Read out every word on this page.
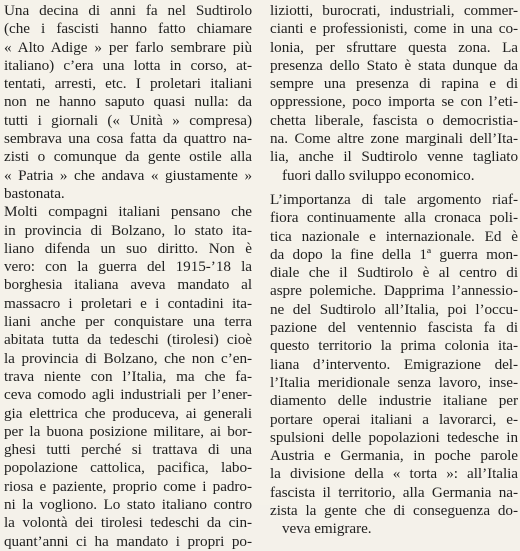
Una decina di anni fa nel Sudtirolo
(che i fascisti hanno fatto chiamare
« Alto Adige » per farlo sembrare più
italiano) c’era una lotta in corso, at-
tentati, arresti, etc. I proletari italiani
non ne hanno saputo quasi nulla: da
tutti i giornali (« Unità » compresa)
sembrava una cosa fatta da quattro na-
zisti o comunque da gente ostile alla
« Patria » che andava « giustamente »
bastonata.
Molti compagni italiani pensano che
in provincia di Bolzano, lo stato ita-
liano difenda un suo diritto. Non è
vero: con la guerra del 1915-’18 la
borghesia italiana aveva mandato al
massacro i proletari e i contadini ita-
liani anche per conquistare una terra
abitata tutta da tedeschi (tirolesi) cioè
la provincia di Bolzano, che non c’en-
trava niente con l’Italia, ma che fa-
ceva comodo agli industriali per l’ener-
gia elettrica che produceva, ai generali
per la buona posizione militare, ai bor-
ghesi tutti perché si trattava di una
popolazione cattolica, pacifica, labo-
riosa e paziente, proprio come i padro-
ni la vogliono. Lo stato italiano contro
la volontà dei tirolesi tedeschi da cin-
quant’anni ci ha mandato i propri po-
liziotti, burocrati, industriali, commer-
cianti e professionisti, come in una co-
lonia, per sfruttare questa zona. La
presenza dello Stato è stata dunque da
sempre una presenza di rapina e di
oppressione, poco importa se con l’eti-
chetta liberale, fascista o democristia-
na. Come altre zone marginali dell’Ita-
lia, anche il Sudtirolo venne tagliato
fuori dallo sviluppo economico.
L’importanza di tale argomento riaf-
fiora continuamente alla cronaca poli-
tica nazionale e internazionale. Ed è
da dopo la fine della 1ª guerra mon-
diale che il Sudtirolo è al centro di
aspre polemiche. Dapprima l’annessio-
ne del Sudtirolo all’Italia, poi l’occu-
pazione del ventennio fascista fa di
questo territorio la prima colonia ita-
liana d’intervento. Emigrazione del-
l’Italia meridionale senza lavoro, inse-
diamento delle industrie italiane per
portare operai italiani a lavorarci, e-
spulsioni delle popolazioni tedesche in
Austria e Germania, in poche parole
la divisione della « torta »: all’Italia
fascista il territorio, alla Germania na-
zista la gente che di conseguenza do-
veva emigrare.
